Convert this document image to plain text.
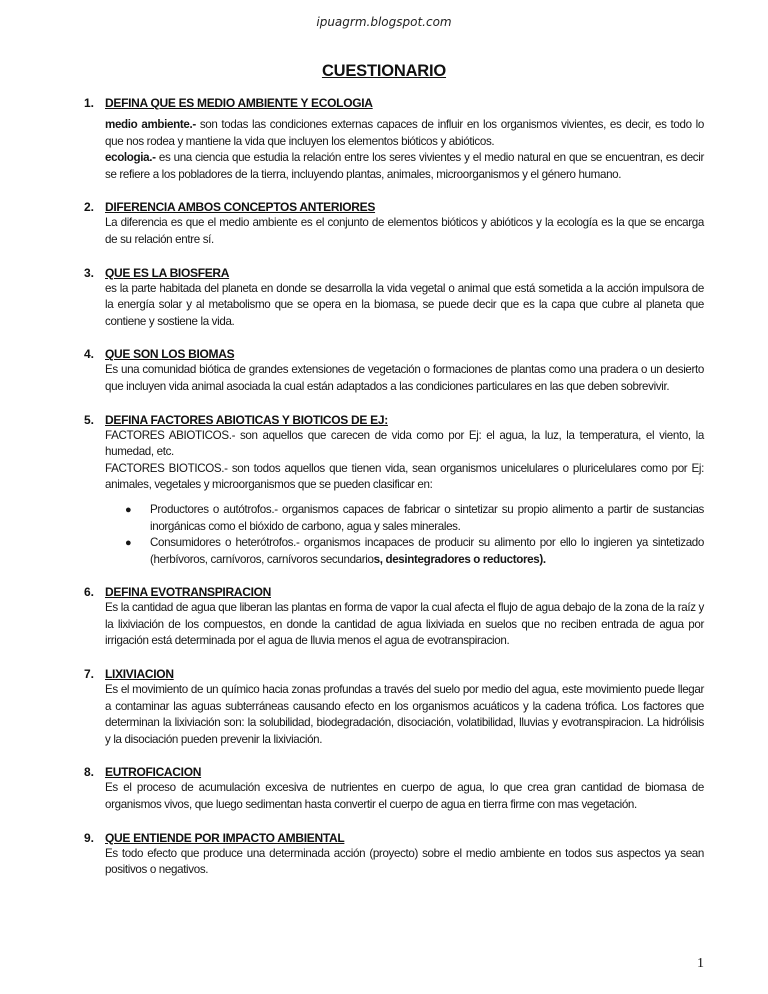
ipuagrm.blogspot.com
CUESTIONARIO
1. DEFINA QUE ES MEDIO AMBIENTE Y ECOLOGIA

medio ambiente.- son todas las condiciones externas capaces de influir en los organismos vivientes, es decir, es todo lo que nos rodea y mantiene la vida que incluyen los elementos bióticos y abióticos.

ecologia.- es una ciencia que estudia la relación entre los seres vivientes y el medio natural en que se encuentran, es decir se refiere a los pobladores de la tierra, incluyendo plantas, animales, microorganismos y el género humano.

2. DIFERENCIA AMBOS CONCEPTOS ANTERIORES

La diferencia es que el medio ambiente es el conjunto de elementos bióticos y abióticos y la ecología es la que se encarga de su relación entre sí.

3. QUE ES LA BIOSFERA

es la parte habitada del planeta en donde se desarrolla la vida vegetal o animal que está sometida a la acción impulsora de la energía solar y al metabolismo que se opera en la biomasa, se puede decir que es la capa que cubre al planeta que contiene y sostiene la vida.

4. QUE SON LOS BIOMAS

Es una comunidad biótica de grandes extensiones de vegetación o formaciones de plantas como una pradera o un desierto que incluyen vida animal asociada la cual están adaptados a las condiciones particulares en las que deben sobrevivir.

5. DEFINA FACTORES ABIOTICAS Y BIOTICOS DE EJ:

FACTORES ABIOTICOS.- son aquellos que carecen de vida como por Ej: el agua, la luz, la temperatura, el viento, la humedad, etc.

FACTORES BIOTICOS.- son todos aquellos que tienen vida, sean organismos unicelulares o pluricelulares como por Ej: animales, vegetales y microorganismos que se pueden clasificar en:

● Productores o autótrofos.- organismos capaces de fabricar o sintetizar su propio alimento a partir de sustancias inorgánicas como el bióxido de carbono, agua y sales minerales.
● Consumidores o heterótrofos.- organismos incapaces de producir su alimento por ello lo ingieren ya sintetizado (herbívoros, carnívoros, carnívoros secundarios, desintegradores o reductores).
6. DEFINA EVOTRANSPIRACION

Es la cantidad de agua que liberan las plantas en forma de vapor la cual afecta el flujo de agua debajo de la zona de la raíz y la lixiviación de los compuestos, en donde la cantidad de agua lixiviada en suelos que no reciben entrada de agua por irrigación está determinada por el agua de lluvia menos el agua de evotranspiracion.

7. LIXIVIACION

Es el movimiento de un químico hacia zonas profundas a través del suelo por medio del agua, este movimiento puede llegar a contaminar las aguas subterráneas causando efecto en los organismos acuáticos y la cadena trófica. Los factores que determinan la lixiviación son: la solubilidad, biodegradación, disociación, volatibilidad, lluvias y evotranspiracion. La hidrólisis y la disociación pueden prevenir la lixiviación.

8. EUTROFICACION

Es el proceso de acumulación excesiva de nutrientes en cuerpo de agua, lo que crea gran cantidad de biomasa de organismos vivos, que luego sedimentan hasta convertir el cuerpo de agua en tierra firme con mas vegetación.

9. QUE ENTIENDE POR IMPACTO AMBIENTAL

Es todo efecto que produce una determinada acción (proyecto) sobre el medio ambiente en todos sus aspectos ya sean positivos o negativos.

1
